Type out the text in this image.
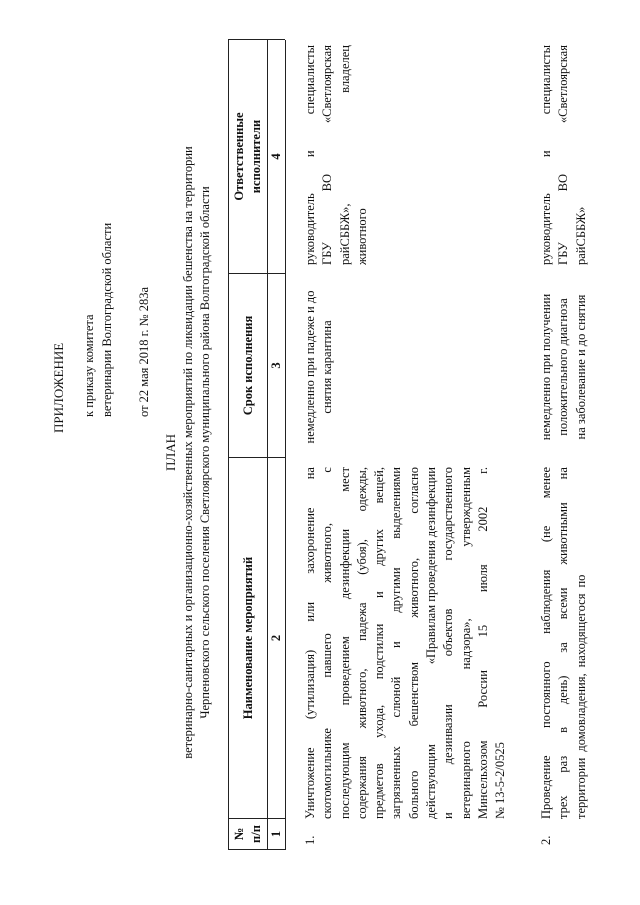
ПРИЛОЖЕНИЕ к приказу комитета ветеринарии Волгоградской области от 22 мая 2018 г. № 283а
ПЛАН ветеринарно-санитарных и организационно-хозяйственных мероприятий по ликвидации бешенства на территории Черпеновского сельского поселения Светлоярского муниципального района Волгоградской области
№ п/п
Наименование мероприятий
Срок исполнения
Ответственные исполнители
1
2
3
4
1.
Уничтожение
(утилизация)
или
захоронение
на
скотомогильнике
павшего
животного,
с
последующим
проведением
дезинфекции
мест
содержания
животного,
падежа
(убоя),
одежды,
предметов
ухода,
подстилки
и
других
вещей,
загрязненных
слюной
и
другими
выделениями
больного
бешенством
животного,
согласно
действующим
«Правилам проведения дезинфекции
и
дезинвазии
объектов
государственного
ветеринарного
надзора»,
утвержденным
Минсельхозом
России
15
июля
2002
г.
№ 13-5-2/0525
немедленно при падеже и до снятия карантина
руководитель
и
специалисты
ГБУ
ВО
«Светлоярская
райСББЖ»,
владелец
животного
2.
Проведение
постоянного
наблюдения
(не
менее
трех
раз
в
день)
за
всеми
животными
на
территории
домовладения,
находящегося
по
немедленно при получении положительного диагноза на заболевание и до снятия
руководитель
и
специалисты
ГБУ
ВО
«Светлоярская
райСББЖ»
